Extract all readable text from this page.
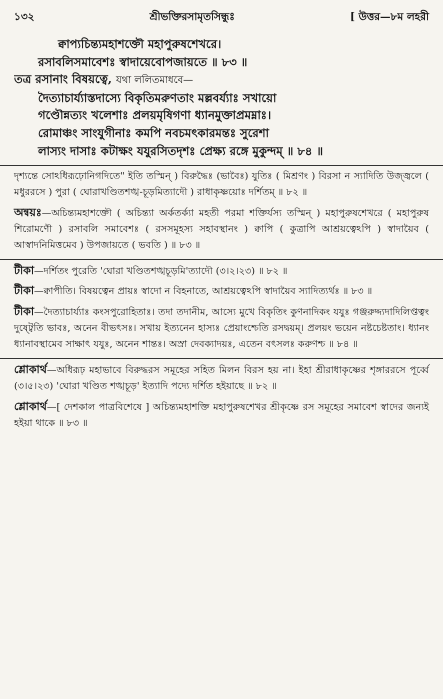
১৩২	শ্রীভক্তিরসামৃতসিন্ধুঃ	[ উত্তর—৮ম লহরী
ক্বাপ্যচিন্ত্যমহাশক্তৌ মহাপুরুষশেখরে।
রসাবলিসমাবেশঃ স্বাদায়েবোপজায়তে ॥ ৮৩ ॥
তত্র রসানাং বিষয়ত্বে, যথা ললিতমাধবে—
দৈত্যাচার্য্যাস্তদাস্যে বিকৃতিমরুণতাং মল্লবর্য্যাঃ সখায়ো
গণ্ডৌন্নত্যং খলেশাঃ প্রলয়মৃষিগণা ধ্যানমুক্তাপ্রমম্নাঃ।
রোমাঞ্চং সাংযুগীনাঃ কমপি নবচমৎকারমন্তঃ সুরেশা
লাস্যং দাসাঃ কটাক্ষং যযুরসিতদৃশঃ প্রেক্ষ্য রঙ্গে মুকুন্দম্ ॥ ৮৪ ॥

দৃশ্যন্তে সোঽধিরূঢ়োনিগদিতে" ইতি তস্মিন্ ) বিরুদ্ধৈঃ (ভাবৈঃ) যুতিঃ ( মিশ্রণং ) বিরসা ন স্যাদিতি উজ্জ্বলে ( মধুররসে ) পুরা ( ঘোরাখণ্ডিতশঙ্খ-চূড়মিত্যাদৌ ) রাধাকৃষ্ণয়োঃ দর্শিতম্ ॥ ৮২ ॥

অন্বয়ঃ—অচিন্ত্যমহাশক্তৌ ( অচিন্ত্যা অর্কতর্ক্যা মহতী পরমা শক্তির্যস্য তস্মিন্ ) মহাপুরুষশেখরে ( মহাপুরুষ শিরোমণৌ ) রসাবলি সমাবেশঃ ( রসসমূহস্য সহাবস্থানং ) ক্বাপি ( কুত্রাপি আশ্রয়ত্বেঽপি ) স্বাদায়ৈব ( আস্বাদনিমিত্তমেব ) উপজায়তে ( ভবতি ) ॥ ৮৩ ॥

টীকা—দর্শিতং পুরেতি 'ঘোরা খণ্ডিতশঙ্খচূড়মি'ত্যাদৌ (৩।২।২৩) ॥ ৮২ ॥

টীকা—ক্বাপীতি। বিষয়ত্বেন প্রায়ঃ স্বাদো ন বিহনাতে, আশ্রয়ত্বেঽপি স্বাদায়ৈব স্যাদিত্যর্থঃ ॥ ৮৩ ॥

টীকা—দৈত্যাচার্য্যাঃ কংসপুরোহিতাঃ। তদা তদানীম, আস্যে মুখে বিকৃতিং কুণনাদিকং যযুঃ গঞ্জরুদ্দ্যদাদিলিপ্তত্বং দুষ্ট্বেতি ভাবঃ, অনেন বীভৎসঃ। সখায় ইত্যনেন হাস্যঃ প্রেয়াংশ্চেতি রসদ্বয়ম্। প্রলয়ং ভয়েন নষ্টচেষ্টতাং। ধ্যানং ধ্যানাবস্থামেব সাক্ষাৎ যযুঃ, অনেন শান্তঃ। অস্রা দেবক্যাদয়ঃ, এতেন বৎসলঃ করুণশ্চ ॥ ৮৪ ॥

শ্লোকার্থ—অধিরূঢ় মহাভাবে বিরুদ্ধরস সমূহের সহিত মিলন বিরস হয় না। ইহা শ্রীরাধাকৃষ্ণের শৃঙ্গাররসে পূর্ব্বে (৩।৫।২৩) 'ঘোরা খণ্ডিত শঙ্খচূড়' ইত্যাদি পদ্যে দর্শিত হইয়াছে ॥ ৮২ ॥

শ্লোকার্থ—[ দেশকাল পাত্রবিশেষে ] অচিন্ত্যমহাশক্তি মহাপুরুষশেখর শ্রীকৃষ্ণে রস সমূহের সমাবেশ স্বাদের জন্যই হইয়া থাকে ॥ ৮৩ ॥
